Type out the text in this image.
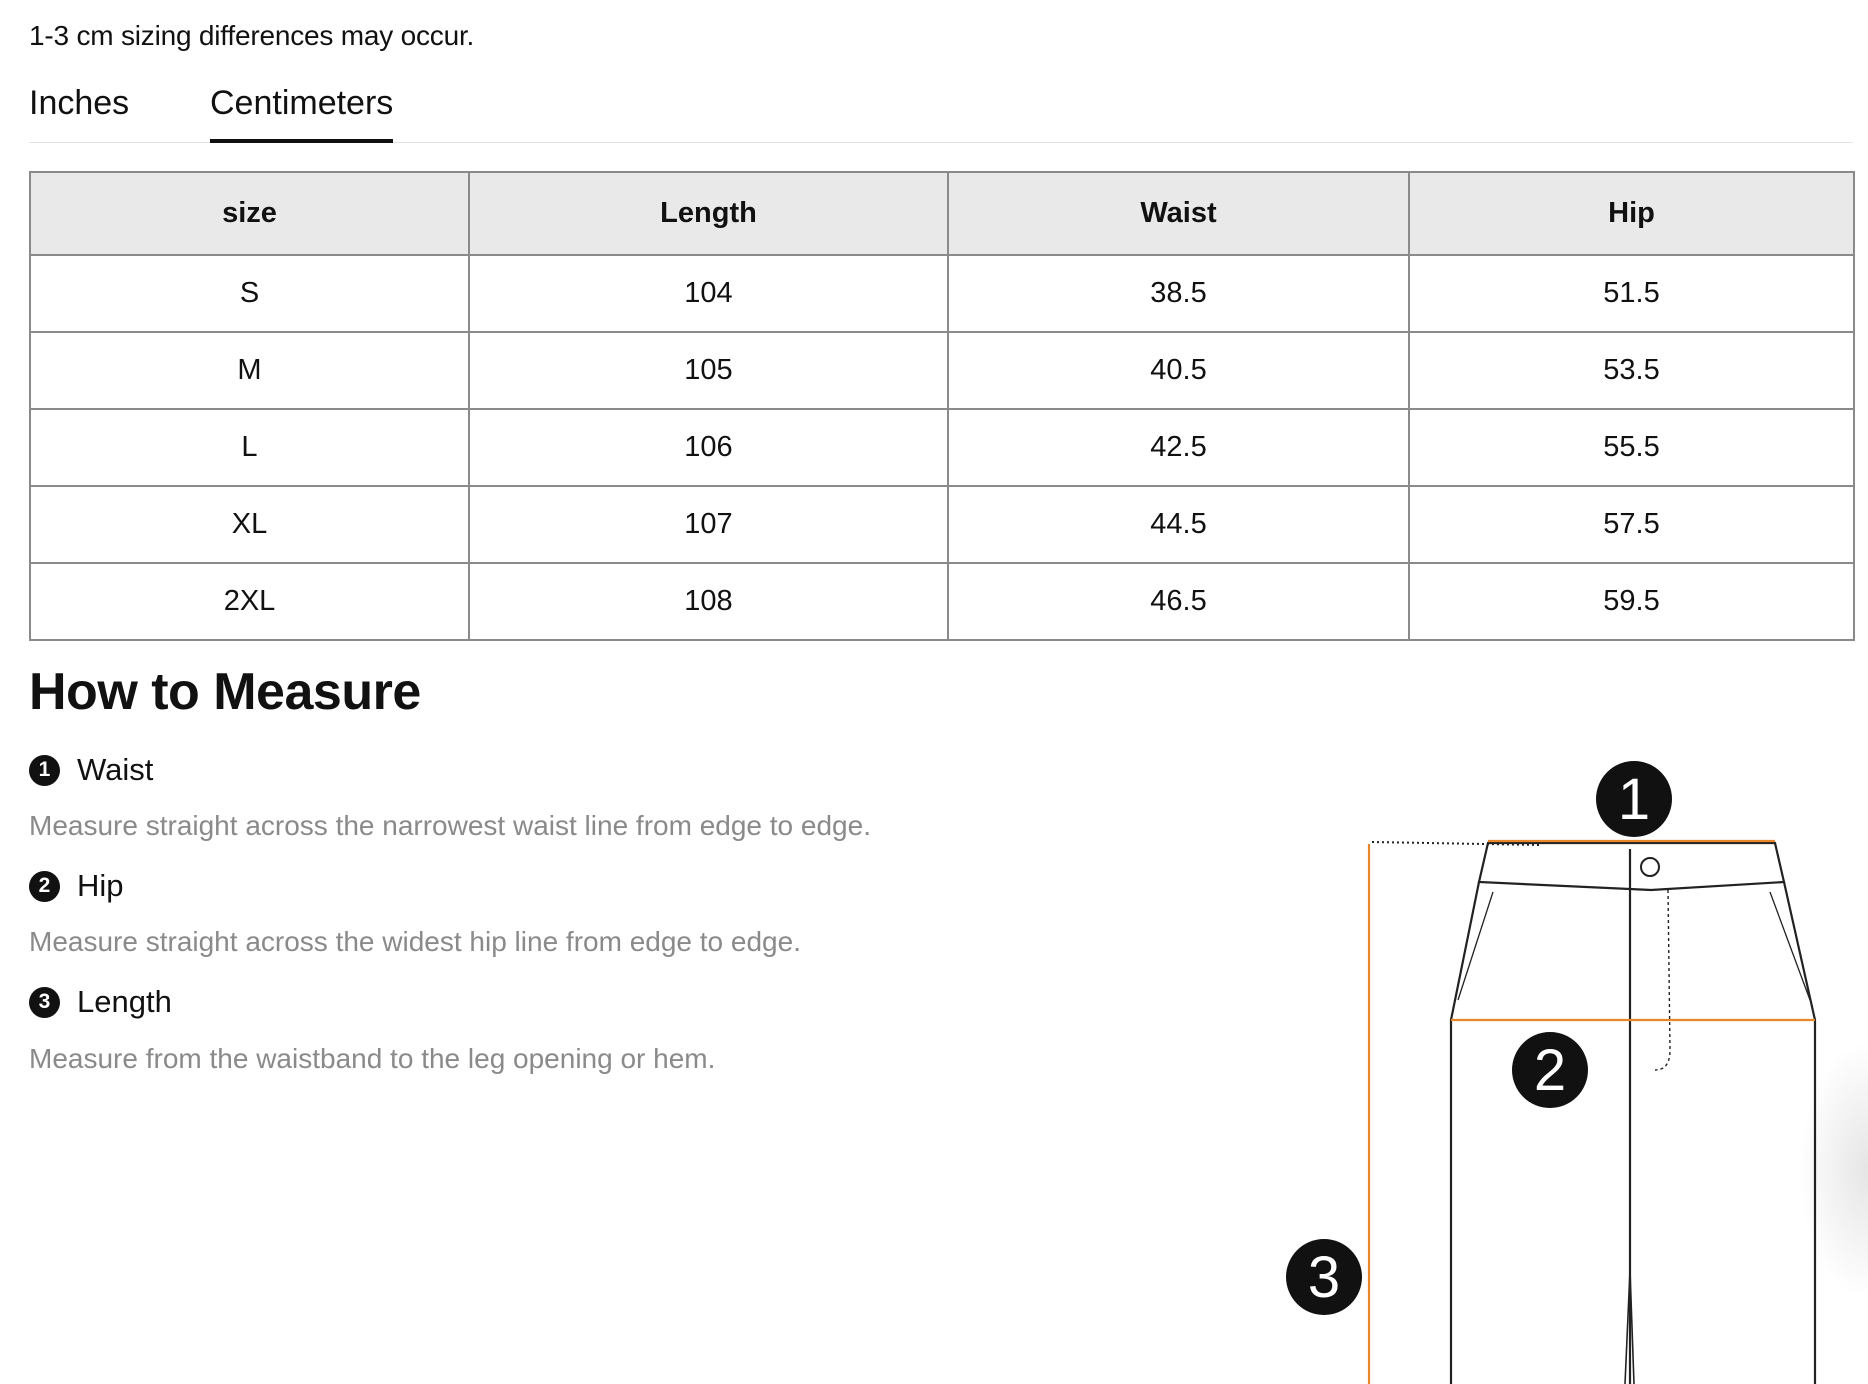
1-3 cm sizing differences may occur.
Inches Centimeters
size	Length	Waist	Hip
S	104	38.5	51.5
M	105	40.5	53.5
L	106	42.5	55.5
XL	107	44.5	57.5
2XL	108	46.5	59.5
How to Measure
1 Waist
Measure straight across the narrowest waist line from edge to edge.
2 Hip
Measure straight across the widest hip line from edge to edge.
3 Length
Measure from the waistband to the leg opening or hem.
1
2
3
